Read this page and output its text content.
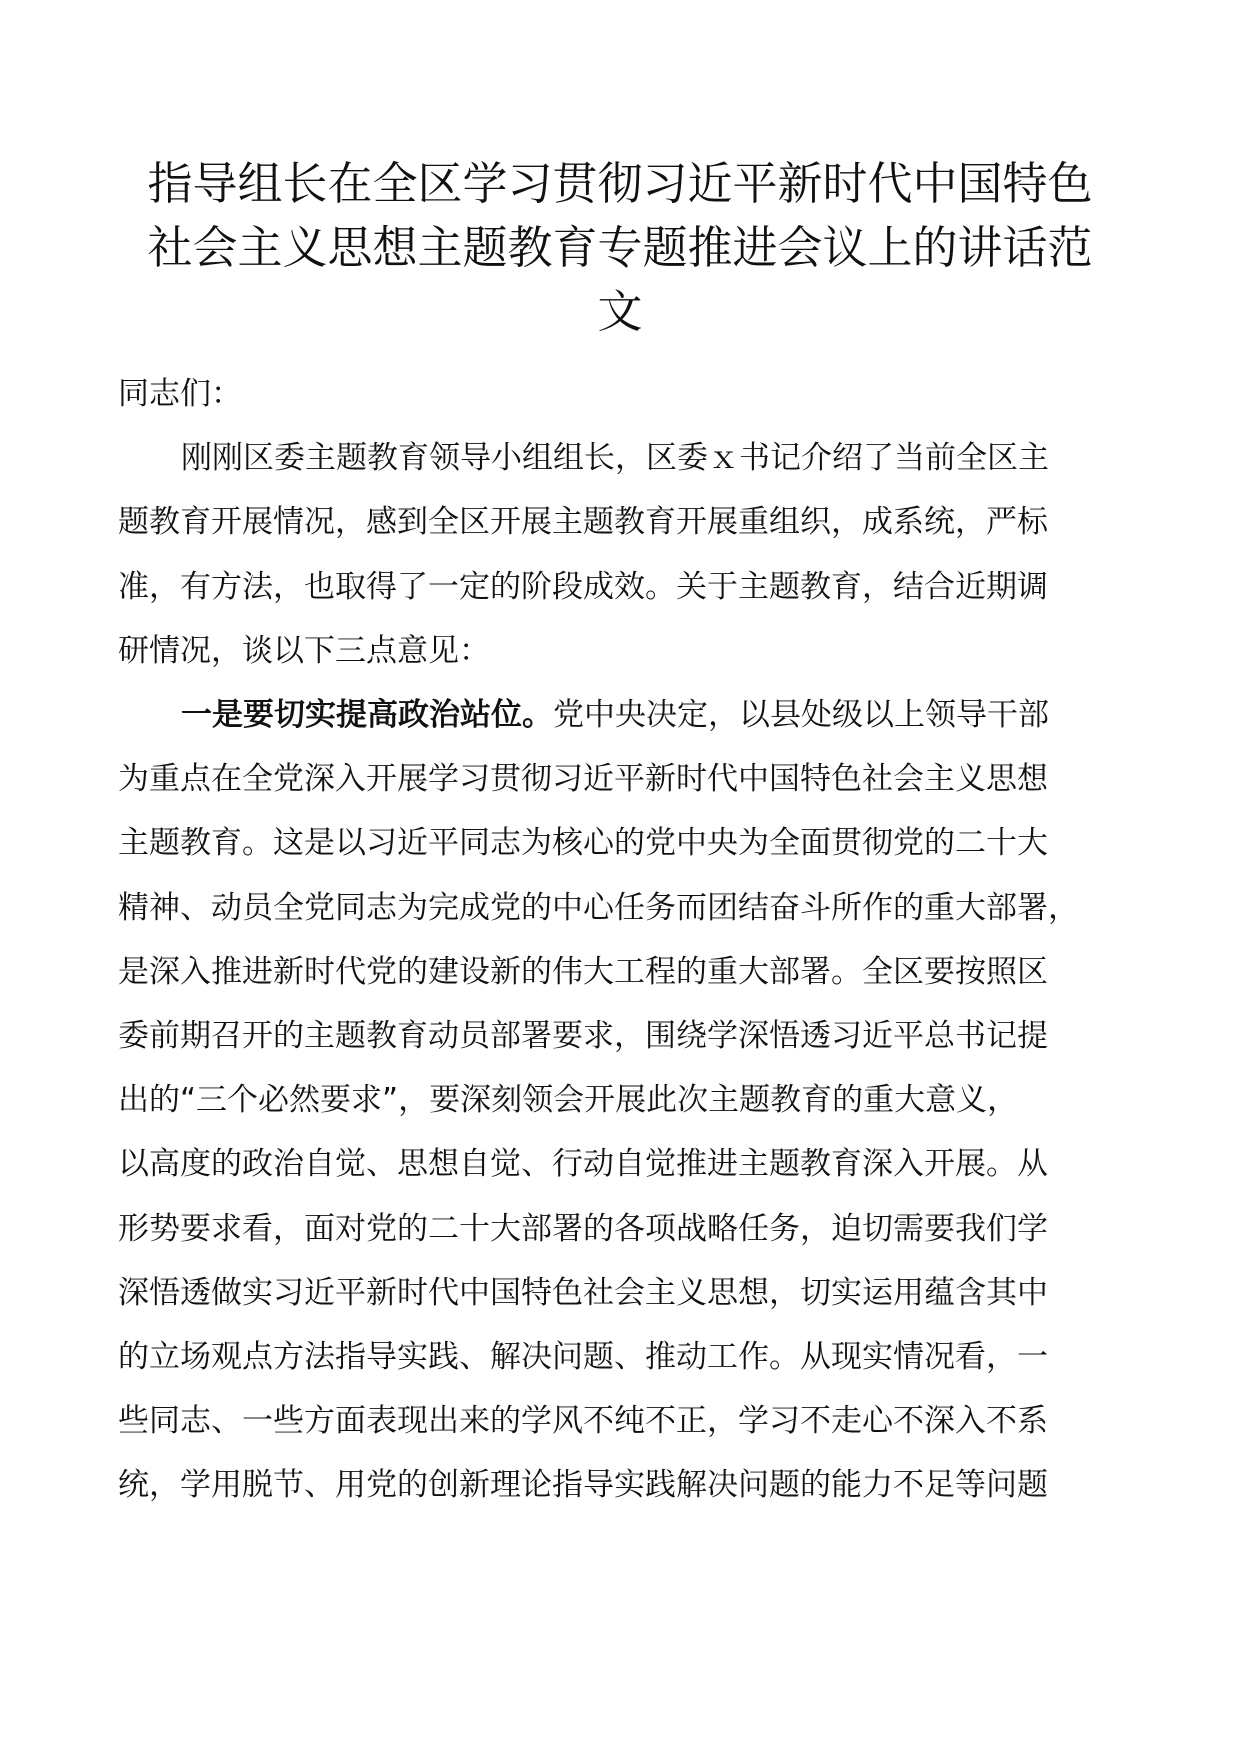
指导组长在全区学习贯彻习近平新时代中国特色
社会主义思想主题教育专题推进会议上的讲话范
文

同志们：

刚刚区委主题教育领导小组组长，区委ｘ书记介绍了当前全区主
题教育开展情况，感到全区开展主题教育开展重组织，成系统，严标
准，有方法，也取得了一定的阶段成效。关于主题教育，结合近期调
研情况，谈以下三点意见：

一是要切实提高政治站位。党中央决定，以县处级以上领导干部
为重点在全党深入开展学习贯彻习近平新时代中国特色社会主义思想
主题教育。这是以习近平同志为核心的党中央为全面贯彻党的二十大
精神、动员全党同志为完成党的中心任务而团结奋斗所作的重大部署，
是深入推进新时代党的建设新的伟大工程的重大部署。全区要按照区
委前期召开的主题教育动员部署要求，围绕学深悟透习近平总书记提
出的“三个必然要求”，要深刻领会开展此次主题教育的重大意义，
以高度的政治自觉、思想自觉、行动自觉推进主题教育深入开展。从
形势要求看，面对党的二十大部署的各项战略任务，迫切需要我们学
深悟透做实习近平新时代中国特色社会主义思想，切实运用蕴含其中
的立场观点方法指导实践、解决问题、推动工作。从现实情况看，一
些同志、一些方面表现出来的学风不纯不正，学习不走心不深入不系
统，学用脱节、用党的创新理论指导实践解决问题的能力不足等问题
